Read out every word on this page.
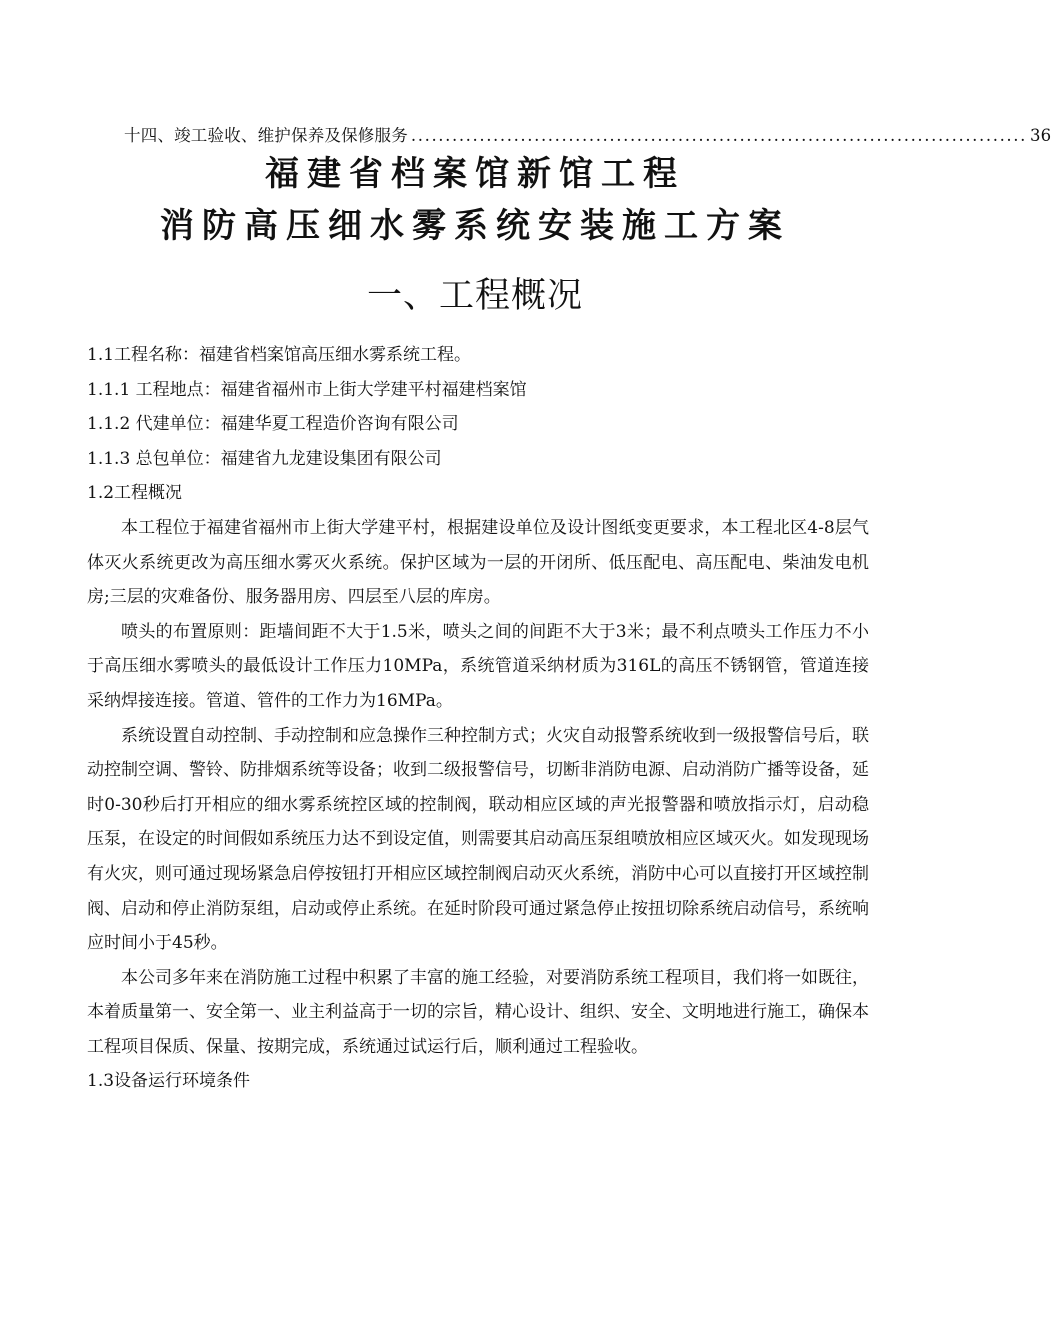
十四、竣工验收、维护保养及保修服务 .......................................................................................... 36
福建省档案馆新馆工程
消防高压细水雾系统安装施工方案
一、工程概况

1.1工程名称：福建省档案馆高压细水雾系统工程。

1.1.1 工程地点：福建省福州市上街大学建平村福建档案馆

1.1.2 代建单位：福建华夏工程造价咨询有限公司

1.1.3 总包单位：福建省九龙建设集团有限公司

1.2工程概况

本工程位于福建省福州市上街大学建平村，根据建设单位及设计图纸变更要求，本工程北区4-8层气体灭火系统更改为高压细水雾灭火系统。保护区域为一层的开闭所、低压配电、高压配电、柴油发电机房;三层的灾难备份、服务器用房、四层至八层的库房。

喷头的布置原则：距墙间距不大于1.5米，喷头之间的间距不大于3米；最不利点喷头工作压力不小于高压细水雾喷头的最低设计工作压力10MPa，系统管道采纳材质为316L的高压不锈钢管，管道连接采纳焊接连接。管道、管件的工作力为16MPa。

系统设置自动控制、手动控制和应急操作三种控制方式；火灾自动报警系统收到一级报警信号后，联动控制空调、警铃、防排烟系统等设备；收到二级报警信号，切断非消防电源、启动消防广播等设备，延时0-30秒后打开相应的细水雾系统控区域的控制阀，联动相应区域的声光报警器和喷放指示灯，启动稳压泵，在设定的时间假如系统压力达不到设定值，则需要其启动高压泵组喷放相应区域灭火。如发现现场有火灾，则可通过现场紧急启停按钮打开相应区域控制阀启动灭火系统，消防中心可以直接打开区域控制阀、启动和停止消防泵组，启动或停止系统。在延时阶段可通过紧急停止按扭切除系统启动信号，系统响应时间小于45秒。

本公司多年来在消防施工过程中积累了丰富的施工经验，对要消防系统工程项目，我们将一如既往，本着质量第一、安全第一、业主利益高于一切的宗旨，精心设计、组织、安全、文明地进行施工，确保本工程项目保质、保量、按期完成，系统通过试运行后，顺利通过工程验收。

1.3设备运行环境条件
